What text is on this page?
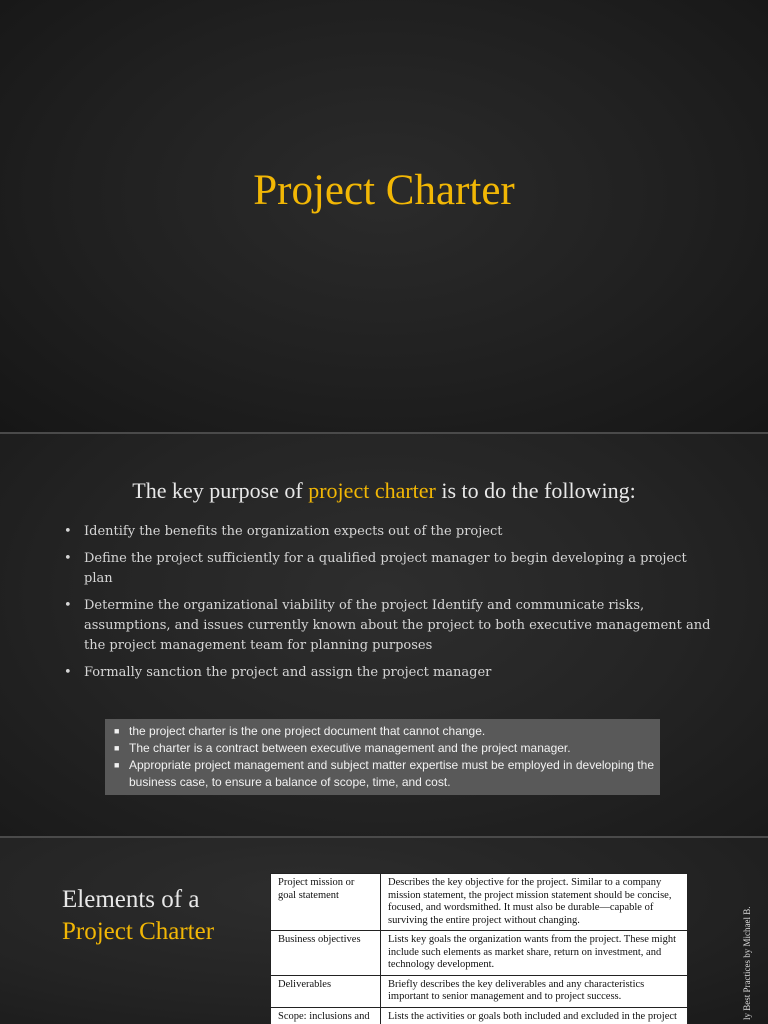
Project Charter
The key purpose of project charter is to do the following:
• Identify the benefits the organization expects out of the project
• Define the project sufficiently for a qualified project manager to begin developing a project plan
• Determine the organizational viability of the project Identify and communicate risks, assumptions, and issues currently known about the project to both executive management and the project management team for planning purposes
• Formally sanction the project and assign the project manager
■ the project charter is the one project document that cannot change.
■ The charter is a contract between executive management and the project manager.
■ Appropriate project management and subject matter expertise must be employed in developing the business case, to ensure a balance of scope, time, and cost.
Elements of a
Project Charter
Project mission or goal statement	Describes the key objective for the project. Similar to a company mission statement, the project mission statement should be concise, focused, and wordsmithed. It must also be durable—capable of surviving the entire project without changing.
Business objectives	Lists key goals the organization wants from the project. These might include such elements as market share, return on investment, and technology development.
Deliverables	Briefly describes the key deliverables and any characteristics important to senior management and to project success.
Scope: inclusions and	Lists the activities or goals both included and excluded in the project	ly Best Practices by Michael B.
